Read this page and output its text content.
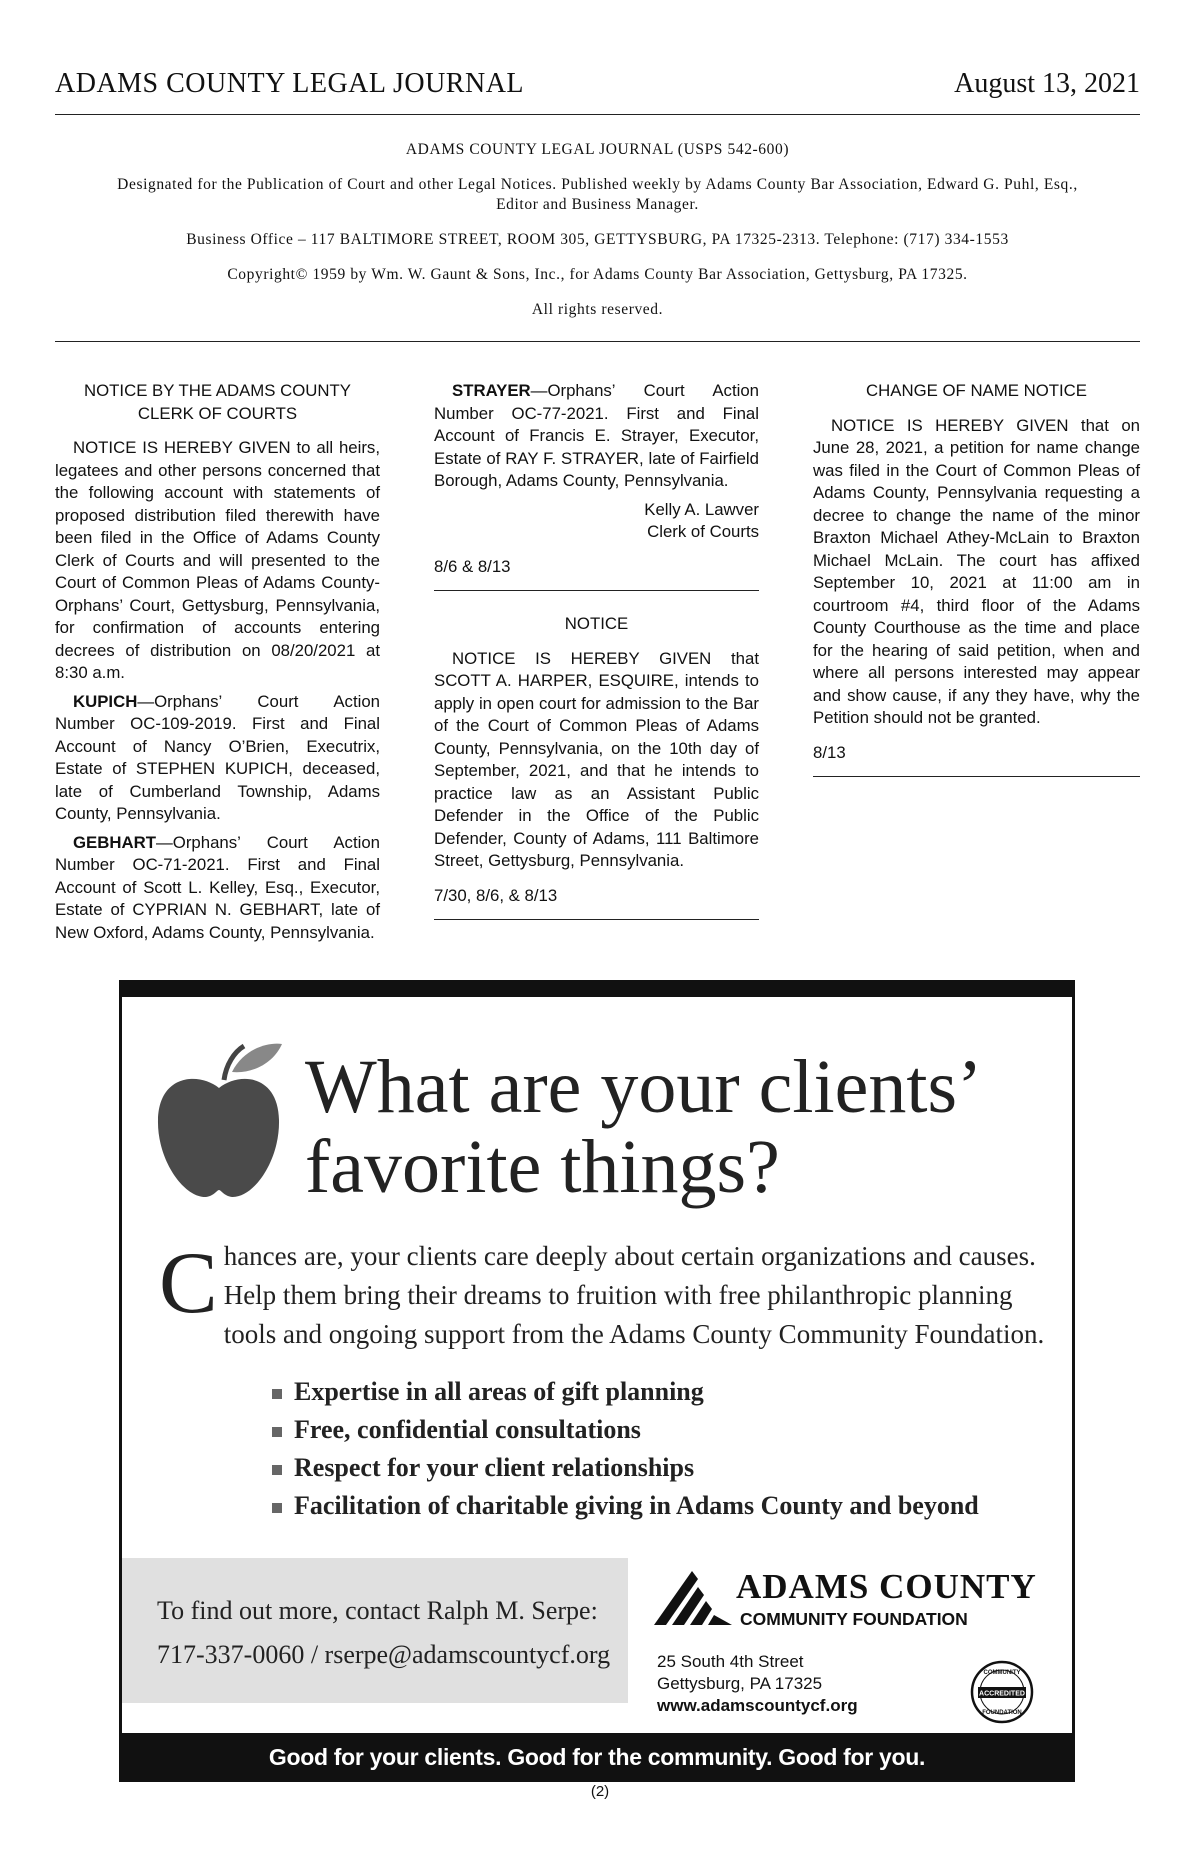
ADAMS COUNTY LEGAL JOURNAL	August 13, 2021

ADAMS COUNTY LEGAL JOURNAL (USPS 542-600)

Designated for the Publication of Court and other Legal Notices. Published weekly by Adams County Bar Association, Edward G. Puhl, Esq., Editor and Business Manager.

Business Office – 117 BALTIMORE STREET, ROOM 305, GETTYSBURG, PA 17325-2313. Telephone: (717) 334-1553

Copyright© 1959 by Wm. W. Gaunt & Sons, Inc., for Adams County Bar Association, Gettysburg, PA 17325.

All rights reserved.

NOTICE BY THE ADAMS COUNTY CLERK OF COURTS

NOTICE IS HEREBY GIVEN to all heirs, legatees and other persons concerned that the following account with statements of proposed distribution filed therewith have been filed in the Office of Adams County Clerk of Courts and will presented to the Court of Common Pleas of Adams County-Orphans’ Court, Gettysburg, Pennsylvania, for confirmation of accounts entering decrees of distribution on 08/20/2021 at 8:30 a.m.

KUPICH—Orphans’ Court Action Number OC-109-2019. First and Final Account of Nancy O’Brien, Executrix, Estate of STEPHEN KUPICH, deceased, late of Cumberland Township, Adams County, Pennsylvania.

GEBHART—Orphans’ Court Action Number OC-71-2021. First and Final Account of Scott L. Kelley, Esq., Executor, Estate of CYPRIAN N. GEBHART, late of New Oxford, Adams County, Pennsylvania.

STRAYER—Orphans’ Court Action Number OC-77-2021. First and Final Account of Francis E. Strayer, Executor, Estate of RAY F. STRAYER, late of Fairfield Borough, Adams County, Pennsylvania.

Kelly A. Lawver

Clerk of Courts

8/6 & 8/13

NOTICE

NOTICE IS HEREBY GIVEN that SCOTT A. HARPER, ESQUIRE, intends to apply in open court for admission to the Bar of the Court of Common Pleas of Adams County, Pennsylvania, on the 10th day of September, 2021, and that he intends to practice law as an Assistant Public Defender in the Office of the Public Defender, County of Adams, 111 Baltimore Street, Gettysburg, Pennsylvania.

7/30, 8/6, & 8/13

CHANGE OF NAME NOTICE

NOTICE IS HEREBY GIVEN that on June 28, 2021, a petition for name change was filed in the Court of Common Pleas of Adams County, Pennsylvania requesting a decree to change the name of the minor Braxton Michael Athey-McLain to Braxton Michael McLain. The court has affixed September 10, 2021 at 11:00 am in courtroom #4, third floor of the Adams County Courthouse as the time and place for the hearing of said petition, when and where all persons interested may appear and show cause, if any they have, why the Petition should not be granted.

8/13

What are your clients’
favorite things?
C hances are, your clients care deeply about certain organizations and causes. Help them bring their dreams to fruition with free philanthropic planning tools and ongoing support from the Adams County Community Foundation.
Expertise in all areas of gift planning
Free, confidential consultations
Respect for your client relationships
Facilitation of charitable giving in Adams County and beyond
To find out more, contact Ralph M. Serpe:
717-337-0060 / rserpe@adamscountycf.org
ADAMS COUNTY
COMMUNITY FOUNDATION
25 South 4th Street
Gettysburg, PA 17325
www.adamscountycf.org
ACCREDITED
COMMUNITY
FOUNDATION
Good for your clients. Good for the community. Good for you.
(2)
